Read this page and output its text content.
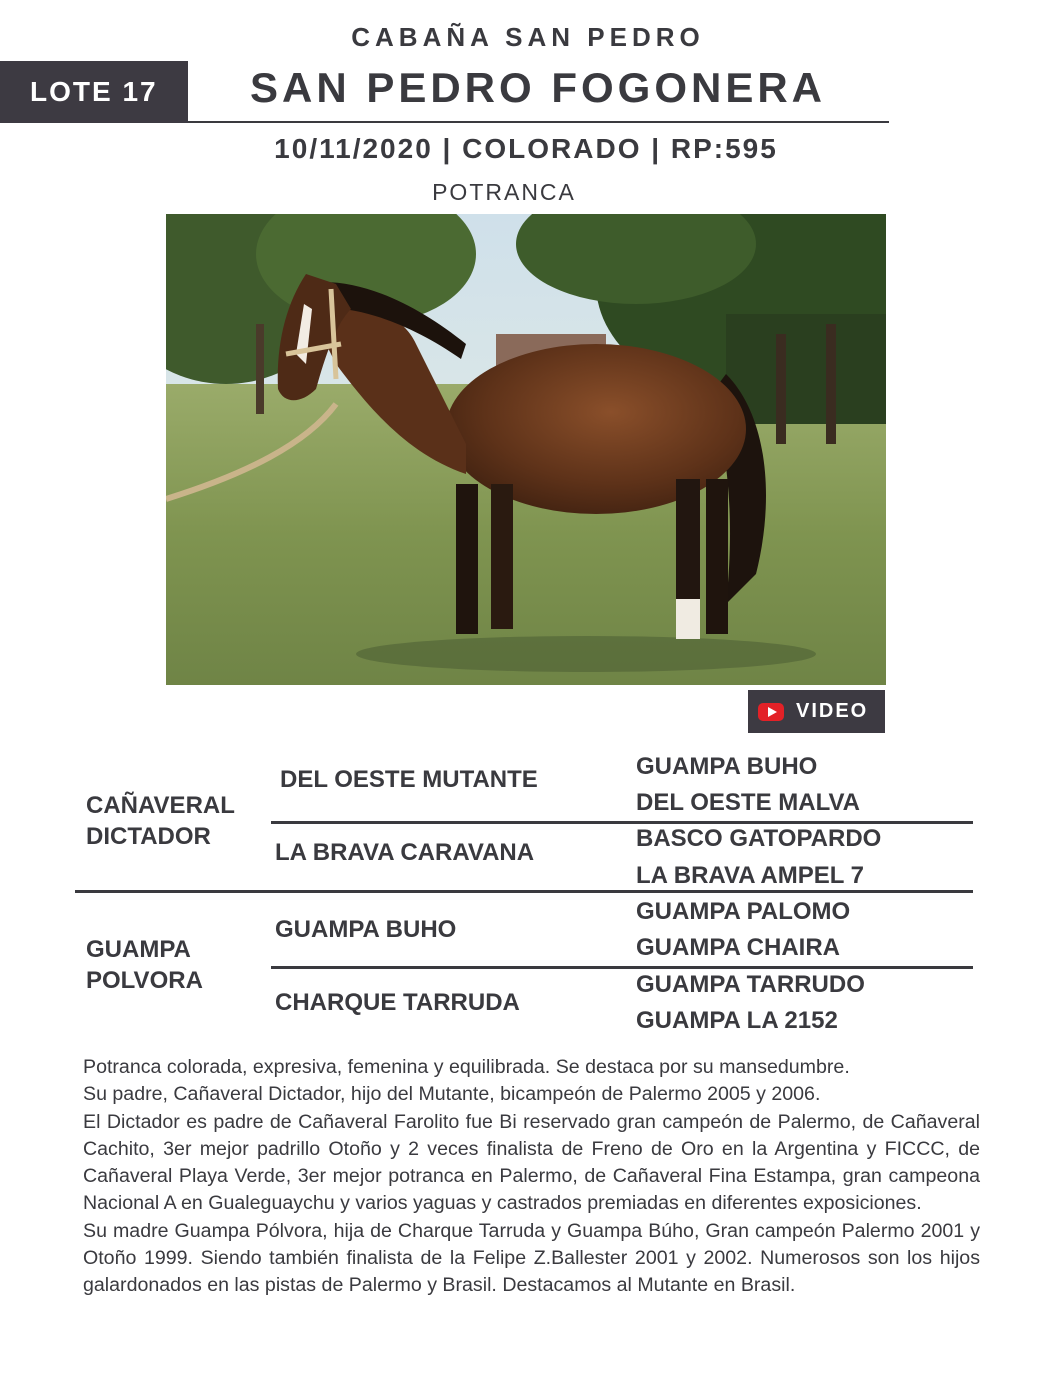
CABAÑA SAN PEDRO
LOTE 17	SAN PEDRO FOGONERA
10/11/2020 | COLORADO | RP:595
POTRANCA
VIDEO
CAÑAVERAL
DICTADOR
GUAMPA
POLVORA
DEL OESTE MUTANTE
LA BRAVA CARAVANA
GUAMPA BUHO
CHARQUE TARRUDA
GUAMPA BUHO
DEL OESTE MALVA
BASCO GATOPARDO
LA BRAVA AMPEL 7
GUAMPA PALOMO
GUAMPA CHAIRA
GUAMPA TARRUDO
GUAMPA LA 2152

Potranca colorada, expresiva, femenina y equilibrada. Se destaca por su mansedumbre.

Su padre, Cañaveral Dictador, hijo del Mutante, bicampeón de Palermo 2005 y 2006.

El Dictador es padre de Cañaveral Farolito fue Bi reservado gran campeón de Palermo, de Cañaveral Cachito, 3er mejor padrillo Otoño y 2 veces finalista de Freno de Oro en la Argentina y FICCC, de Cañaveral Playa Verde, 3er mejor potranca en Palermo, de Cañaveral Fina Estampa, gran campeona Nacional A en Gualeguaychu y varios yaguas y castrados premiadas en diferentes exposiciones.

Su madre Guampa Pólvora, hija de Charque Tarruda y Guampa Búho, Gran campeón Palermo 2001 y Otoño 1999. Siendo también finalista de la Felipe Z.Ballester 2001 y 2002. Numerosos son los hijos galardonados en las pistas de Palermo y Brasil. Destacamos al Mutante en Brasil.
